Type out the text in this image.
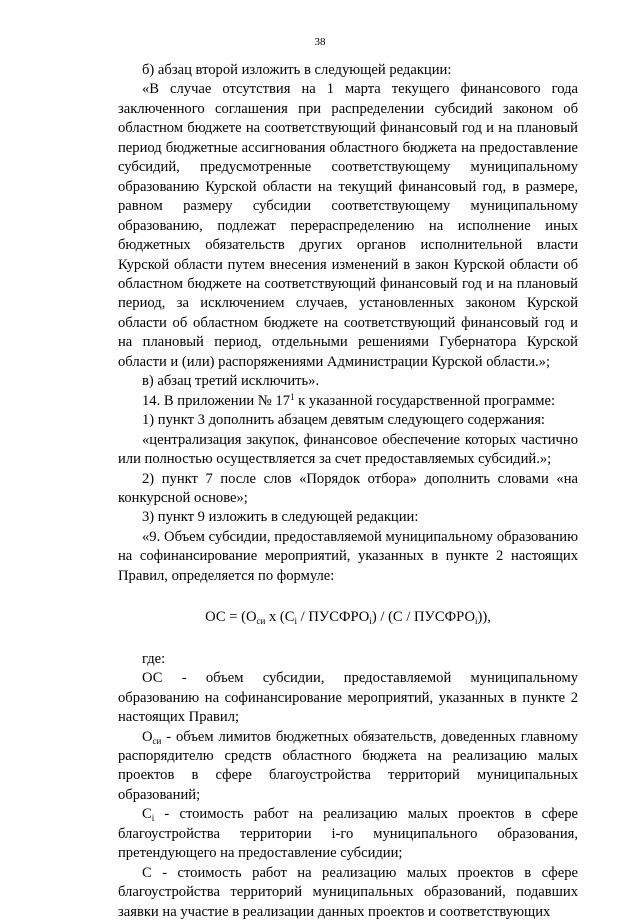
38

б) абзац второй изложить в следующей редакции:

«В случае отсутствия на 1 марта текущего финансового года заключенного соглашения при распределении субсидий законом об областном бюджете на соответствующий финансовый год и на плановый период бюджетные ассигнования областного бюджета на предоставление субсидий, предусмотренные соответствующему муниципальному образованию Курской области на текущий финансовый год, в размере, равном размеру субсидии соответствующему муниципальному образованию, подлежат перераспределению на исполнение иных бюджетных обязательств других органов исполнительной власти Курской области путем внесения изменений в закон Курской области об областном бюджете на соответствующий финансовый год и на плановый период, за исключением случаев, установленных законом Курской области об областном бюджете на соответствующий финансовый год и на плановый период, отдельными решениями Губернатора Курской области и (или) распоряжениями Администрации Курской области.»;

в) абзац третий исключить».

14. В приложении № $17^1$ к указанной государственной программе:

1) пункт 3 дополнить абзацем девятым следующего содержания:

«централизация закупок, финансовое обеспечение которых частично или полностью осуществляется за счет предоставляемых субсидий.»;

2) пункт 7 после слов «Порядок отбора» дополнить словами «на конкурсной основе»;

3) пункт 9 изложить в следующей редакции:

«9. Объем субсидии, предоставляемой муниципальному образованию на софинансирование мероприятий, указанных в пункте 2 настоящих Правил, определяется по формуле:

ОС = ($О_{си}$ х ($С_i$ / $ПУСФРО_i) / (С$ / $ПУСФРО_i$)),

где:

ОС - объем субсидии, предоставляемой муниципальному образованию на софинансирование мероприятий, указанных в пункте 2 настоящих Правил;

$О_{си}$ - объем лимитов бюджетных обязательств, доведенных главному распорядителю средств областного бюджета на реализацию малых проектов в сфере благоустройства территорий муниципальных образований;

$С_i$ - стоимость работ на реализацию малых проектов в сфере благоустройства территории i-го муниципального образования, претендующего на предоставление субсидии;

С - стоимость работ на реализацию малых проектов в сфере благоустройства территорий муниципальных образований, подавших заявки на участие в реализации данных проектов и соответствующих
